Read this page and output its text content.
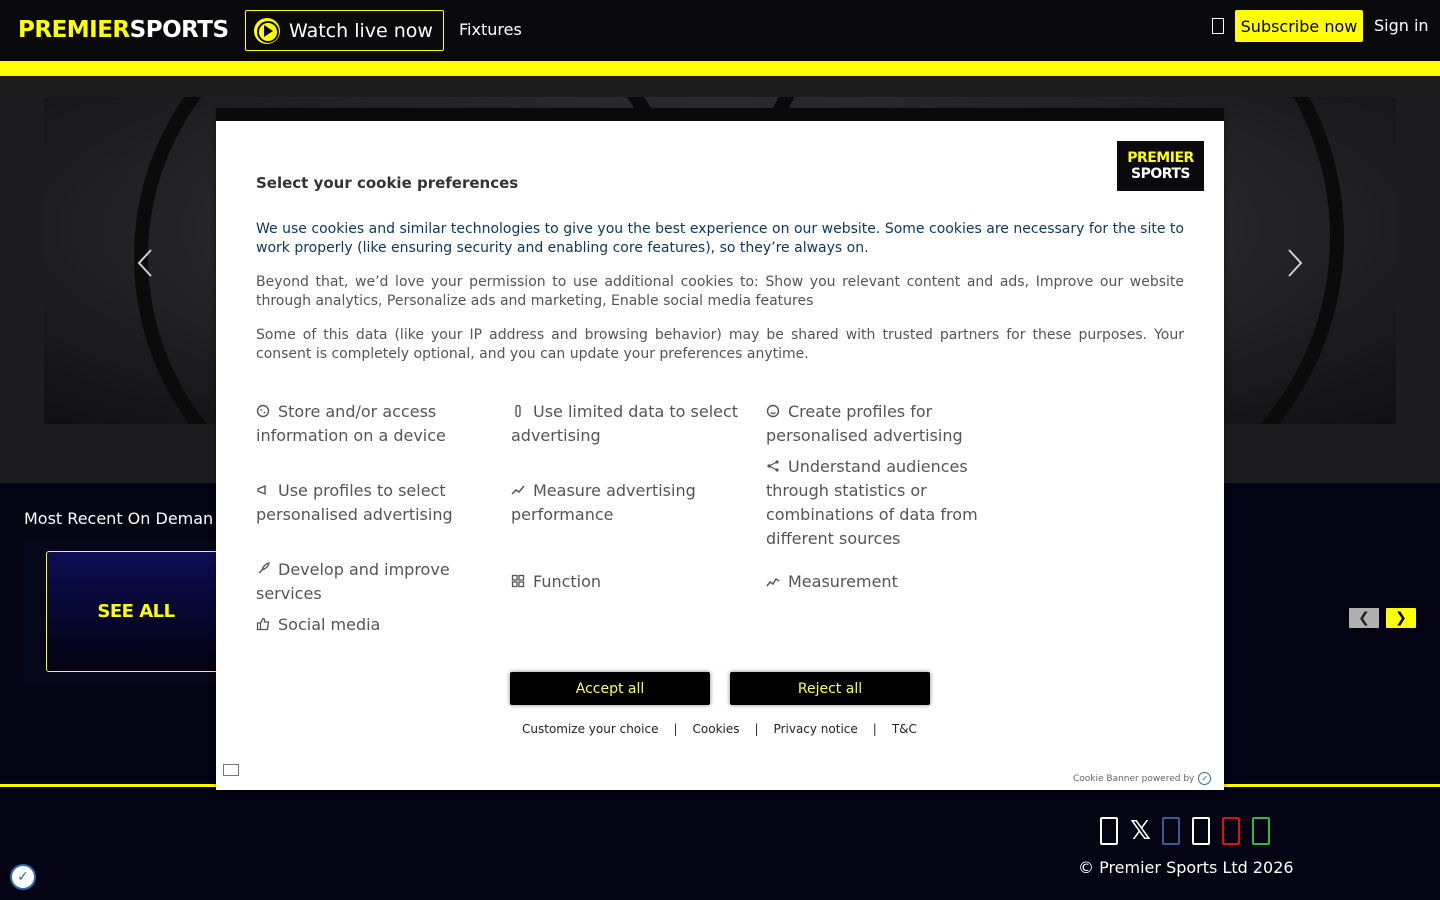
PREMIERSPORTS	Watch live now Fixtures	Subscribe now	Sign in
Most Recent On Deman
SEE ALL	❮	❯
𝕏
© Premier Sports Ltd 2026
✓
PREMIER
SPORTS
Select your cookie preferences

We use cookies and similar technologies to give you the best experience on our website. Some cookies are necessary for the site to work properly (like ensuring security and enabling core features), so they’re always on.

Beyond that, we’d love your permission to use additional cookies to: Show you relevant content and ads, Improve our website through analytics, Personalize ads and marketing, Enable social media features

Some of this data (like your IP address and browsing behavior) may be shared with trusted partners for these purposes. Your consent is completely optional, and you can update your preferences anytime.

Store and/or access information on a device
Use limited data to select advertising
Create profiles for personalised advertising
Use profiles to select personalised advertising
Measure advertising performance
Understand audiences through statistics or combinations of data from different sources
Develop and improve services
Function	Measurement
Social media
Accept all	Reject all
Customize your choice | Cookies | Privacy notice | T&C
Cookie Banner powered by ✓
